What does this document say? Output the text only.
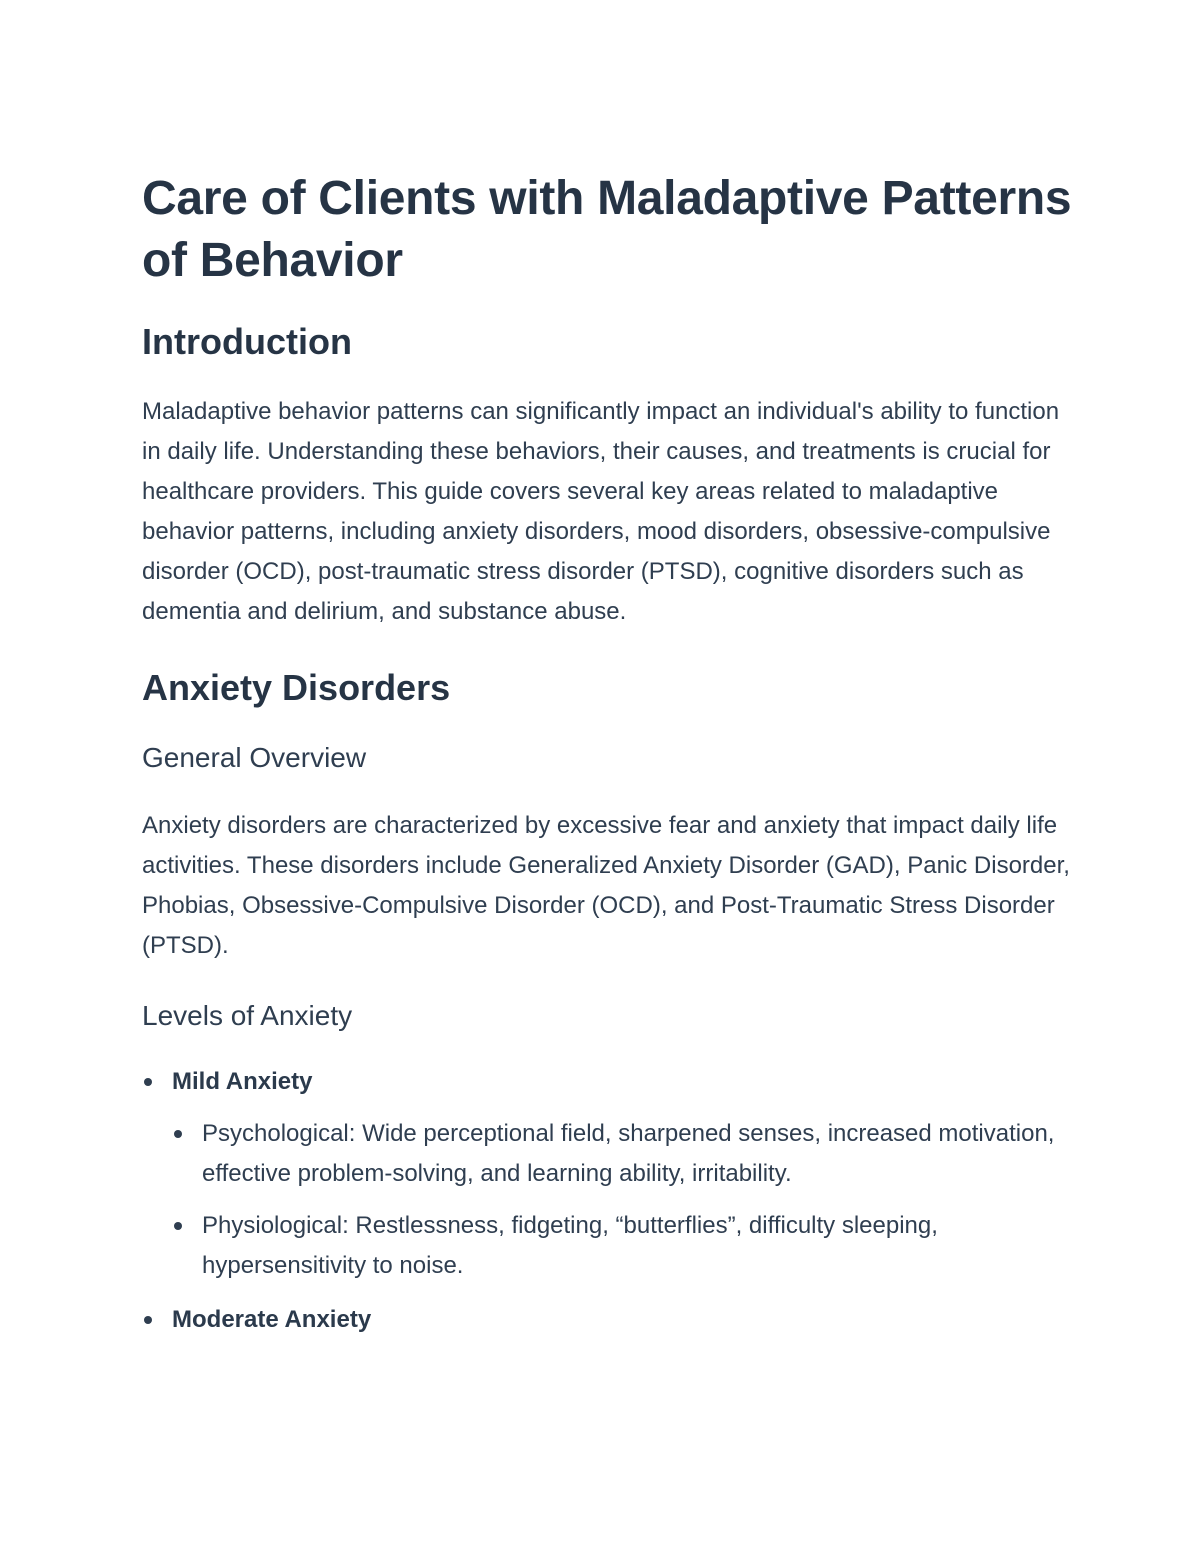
Care of Clients with Maladaptive Patterns of Behavior
Introduction

Maladaptive behavior patterns can significantly impact an individual's ability to function in daily life. Understanding these behaviors, their causes, and treatments is crucial for healthcare providers. This guide covers several key areas related to maladaptive behavior patterns, including anxiety disorders, mood disorders, obsessive-compulsive disorder (OCD), post-traumatic stress disorder (PTSD), cognitive disorders such as dementia and delirium, and substance abuse.

Anxiety Disorders
General Overview

Anxiety disorders are characterized by excessive fear and anxiety that impact daily life activities. These disorders include Generalized Anxiety Disorder (GAD), Panic Disorder, Phobias, Obsessive-Compulsive Disorder (OCD), and Post-Traumatic Stress Disorder (PTSD).

Levels of Anxiety
Mild Anxiety
Psychological: Wide perceptional field, sharpened senses, increased motivation, effective problem-solving, and learning ability, irritability.
Physiological: Restlessness, fidgeting, “butterflies”, difficulty sleeping, hypersensitivity to noise.
Moderate Anxiety
